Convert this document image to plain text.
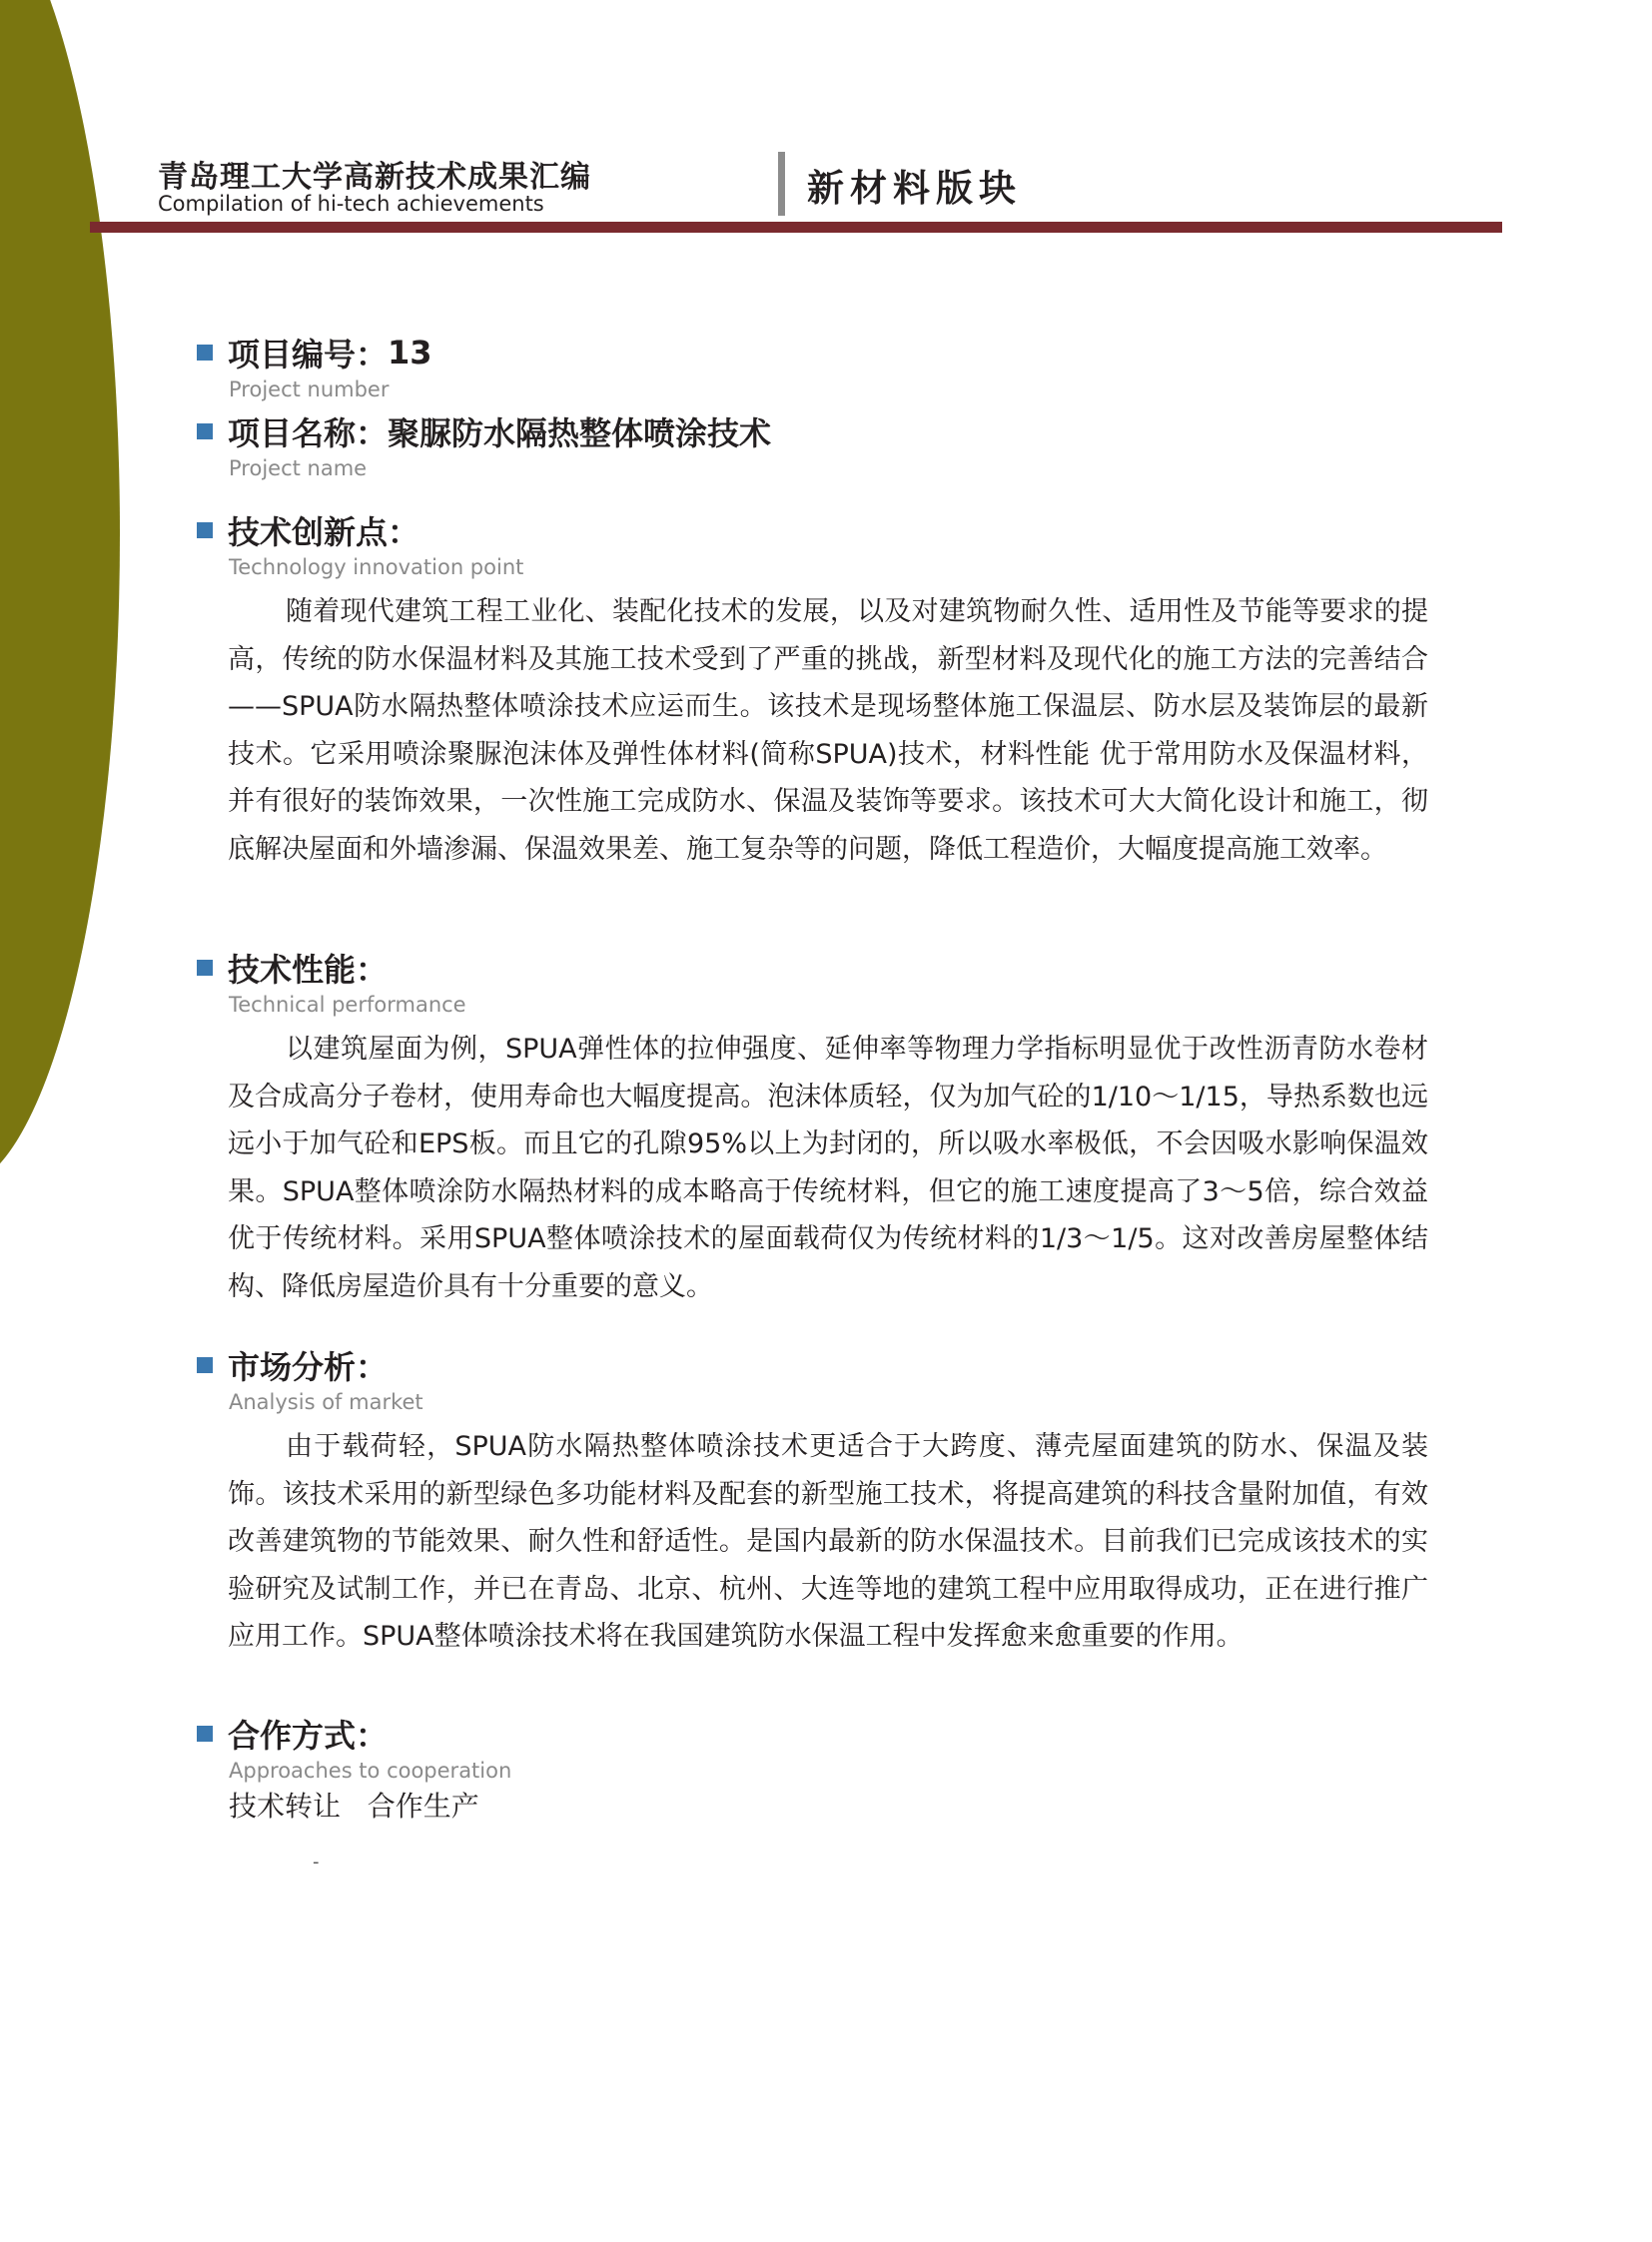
青岛理工大学高新技术成果汇编
Compilation of hi-tech achievements	新材料版块
项目编号： 13
Project number
项目名称： 聚脲防水隔热整体喷涂技术
Project name
技术创新点：
Technology innovation point
随着现代建筑工程工业化、装配化技术的发展，以及对建筑物耐久性、适用性及节能等要求的提高，传统的防水保温材料及其施工技术受到了严重的挑战，新型材料及现代化的施工方法的完善结合——SPUA防水隔热整体喷涂技术应运而生。该技术是现场整体施工保温层、防水层及装饰层的最新技术。它采用喷涂聚脲泡沫体及弹性体材料(简称SPUA)技术，材料性能 优于常用防水及保温材料，并有很好的装饰效果，一次性施工完成防水、保温及装饰等要求。该技术可大大简化设计和施工，彻底解决屋面和外墙渗漏、保温效果差、施工复杂等的问题，降低工程造价，大幅度提高施工效率。
技术性能：
Technical performance
以建筑屋面为例，SPUA弹性体的拉伸强度、延伸率等物理力学指标明显优于改性沥青防水卷材及合成高分子卷材，使用寿命也大幅度提高。泡沫体质轻，仅为加气砼的1/10～1/15，导热系数也远远小于加气砼和EPS板。而且它的孔隙95%以上为封闭的，所以吸水率极低，不会因吸水影响保温效果。SPUA整体喷涂防水隔热材料的成本略高于传统材料，但它的施工速度提高了3～5倍，综合效益优于传统材料。采用SPUA整体喷涂技术的屋面载荷仅为传统材料的1/3～1/5。这对改善房屋整体结构、降低房屋造价具有十分重要的意义。
市场分析：
Analysis of market
由于载荷轻，SPUA防水隔热整体喷涂技术更适合于大跨度、薄壳屋面建筑的防水、保温及装饰。该技术采用的新型绿色多功能材料及配套的新型施工技术，将提高建筑的科技含量附加值，有效改善建筑物的节能效果、耐久性和舒适性。是国内最新的防水保温技术。目前我们已完成该技术的实验研究及试制工作，并已在青岛、北京、杭州、大连等地的建筑工程中应用取得成功，正在进行推广应用工作。SPUA整体喷涂技术将在我国建筑防水保温工程中发挥愈来愈重要的作用。
合作方式：
Approaches to cooperation
技术转让   合作生产
-
